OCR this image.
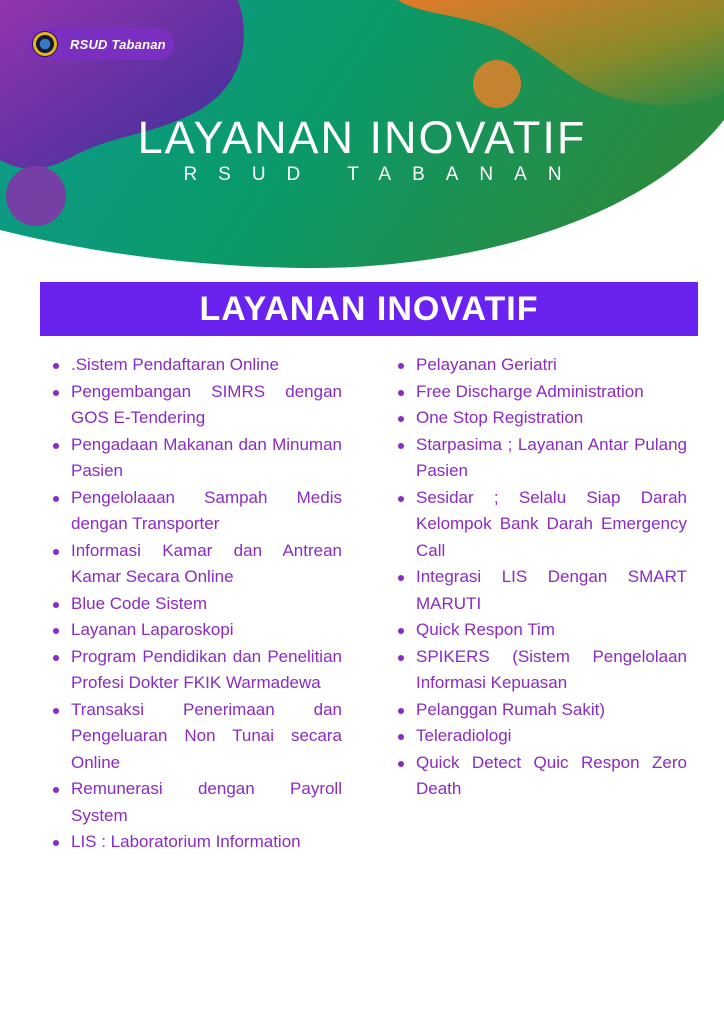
RSUD Tabanan
LAYANAN INOVATIF
RSUD TABANAN
LAYANAN INOVATIF
.Sistem Pendaftaran Online
Pengembangan SIMRS dengan GOS E-Tendering
Pengadaan Makanan dan Minuman Pasien
Pengelolaaan Sampah Medis dengan Transporter
Informasi Kamar dan Antrean Kamar Secara Online
Blue Code Sistem
Layanan Laparoskopi
Program Pendidikan dan Penelitian Profesi Dokter FKIK Warmadewa
Transaksi Penerimaan dan Pengeluaran Non Tunai secara Online
Remunerasi dengan Payroll System
LIS : Laboratorium Information
Pelayanan Geriatri
Free Discharge Administration
One Stop Registration
Starpasima ; Layanan Antar Pulang Pasien
Sesidar ; Selalu Siap Darah Kelompok Bank Darah Emergency Call
Integrasi LIS Dengan SMART MARUTI
Quick Respon Tim
SPIKERS (Sistem Pengelolaan Informasi Kepuasan
Pelanggan Rumah Sakit)
Teleradiologi
Quick Detect Quic Respon Zero Death
